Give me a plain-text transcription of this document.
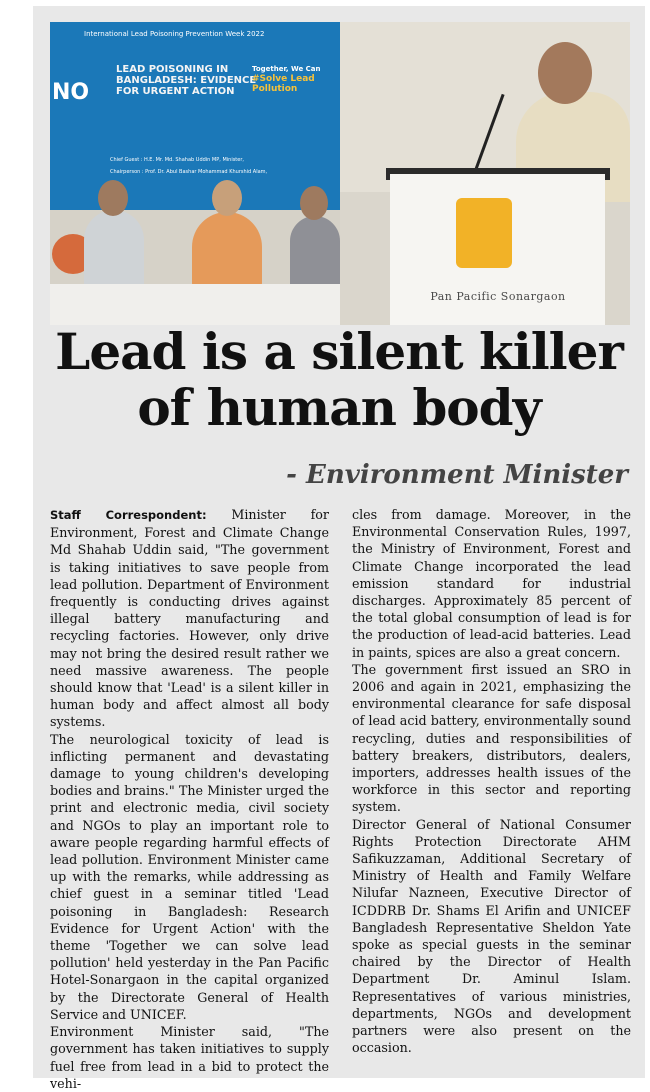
International Lead Poisoning Prevention Week 2022
NO
LEAD POISONING IN BANGLADESH: EVIDENCE FOR URGENT ACTION
Together, We Can
#Solve Lead Pollution
Chief Guest : H.E. Mr. Md. Shahab Uddin MP, Minister,
Chairperson : Prof. Dr. Abul Bashar Mohammad Khurshid Alam,
Pan Pacific Sonargaon
Lead is a silent killer
of human body
- Environment Minister

Staff Correspondent: Minister for Environment, Forest and Climate Change Md Shahab Uddin said, "The government is taking initiatives to save people from lead pollution. Department of Environment frequently is conducting drives against illegal battery manufacturing and recycling factories. However, only drive may not bring the desired result rather we need massive awareness. The people should know that 'Lead' is a silent killer in human body and affect almost all body systems.

The neurological toxicity of lead is inflicting permanent and devastating damage to young children's developing bodies and brains." The Minister urged the print and electronic media, civil society and NGOs to play an important role to aware people regarding harmful effects of lead pollution. Environment Minister came up with the remarks, while addressing as chief guest in a seminar titled 'Lead poisoning in Bangladesh: Research Evidence for Urgent Action' with the theme 'Together we can solve lead pollution' held yesterday in the Pan Pacific Hotel-Sonargaon in the capital organized by the Directorate General of Health Service and UNICEF.

Environment Minister said, "The government has taken initiatives to supply fuel free from lead in a bid to protect the vehi-

cles from damage. Moreover, in the Environmental Conservation Rules, 1997, the Ministry of Environment, Forest and Climate Change incorporated the lead emission standard for industrial discharges. Approximately 85 percent of the total global consumption of lead is for the production of lead-acid batteries. Lead in paints, spices are also a great concern.

The government first issued an SRO in 2006 and again in 2021, emphasizing the environmental clearance for safe disposal of lead acid battery, environmentally sound recycling, duties and responsibilities of battery breakers, distributors, dealers, importers, addresses health issues of the workforce in this sector and reporting system.

Director General of National Consumer Rights Protection Directorate AHM Safikuzzaman, Additional Secretary of Ministry of Health and Family Welfare Nilufar Nazneen, Executive Director of ICDDRB Dr. Shams El Arifin and UNICEF Bangladesh Representative Sheldon Yate spoke as special guests in the seminar chaired by the Director of Health Department Dr. Aminul Islam. Representatives of various ministries, departments, NGOs and development partners were also present on the occasion.
